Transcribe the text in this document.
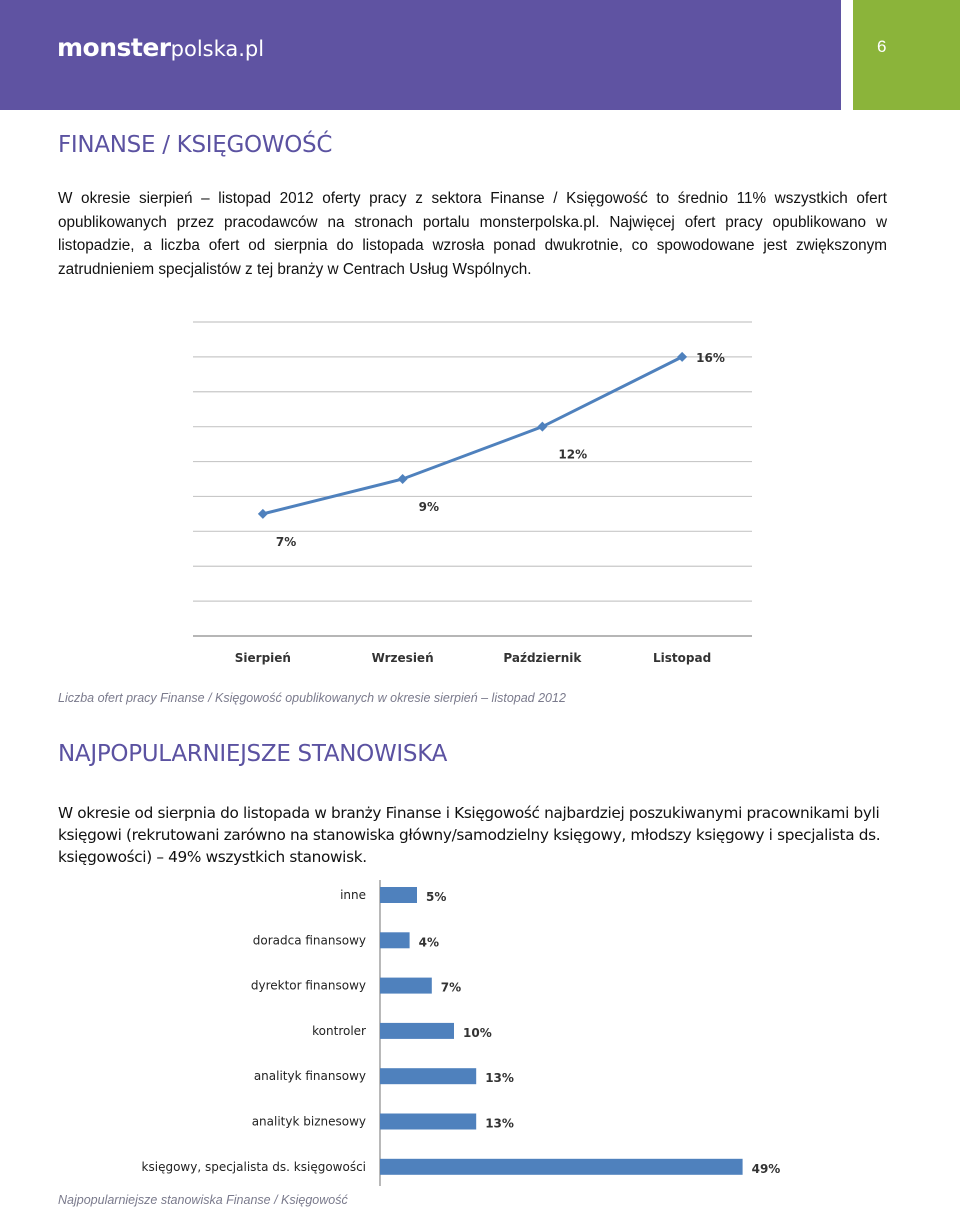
monsterpolska.pl	6
FINANSE / KSIĘGOWOŚĆ

W okresie sierpień – listopad 2012 oferty pracy z sektora Finanse / Księgowość to średnio 11% wszystkich ofert opublikowanych przez pracodawców na stronach portalu monsterpolska.pl. Najwięcej ofert pracy opublikowano w listopadzie, a liczba ofert od sierpnia do listopada wzrosła ponad dwukrotnie, co spowodowane jest zwiększonym zatrudnieniem specjalistów z tej branży w Centrach Usług Wspólnych.

7%
Sierpień
9%
Wrzesień
12%
Październik
16%
Listopad

Liczba ofert pracy Finanse / Księgowość opublikowanych w okresie sierpień – listopad 2012

NAJPOPULARNIEJSZE STANOWISKA

W okresie od sierpnia do listopada w branży Finanse i Księgowość najbardziej poszukiwanymi pracownikami byli księgowi (rekrutowani zarówno na stanowiska główny/samodzielny księgowy, młodszy księgowy i specjalista ds. księgowości) – 49% wszystkich stanowisk.

inne	5%
doradca finansowy	4%
dyrektor finansowy	7%
kontroler	10%
analityk finansowy	13%
analityk biznesowy	13%
księgowy, specjalista ds. księgowości	49%

Najpopularniejsze stanowiska Finanse / Księgowość
